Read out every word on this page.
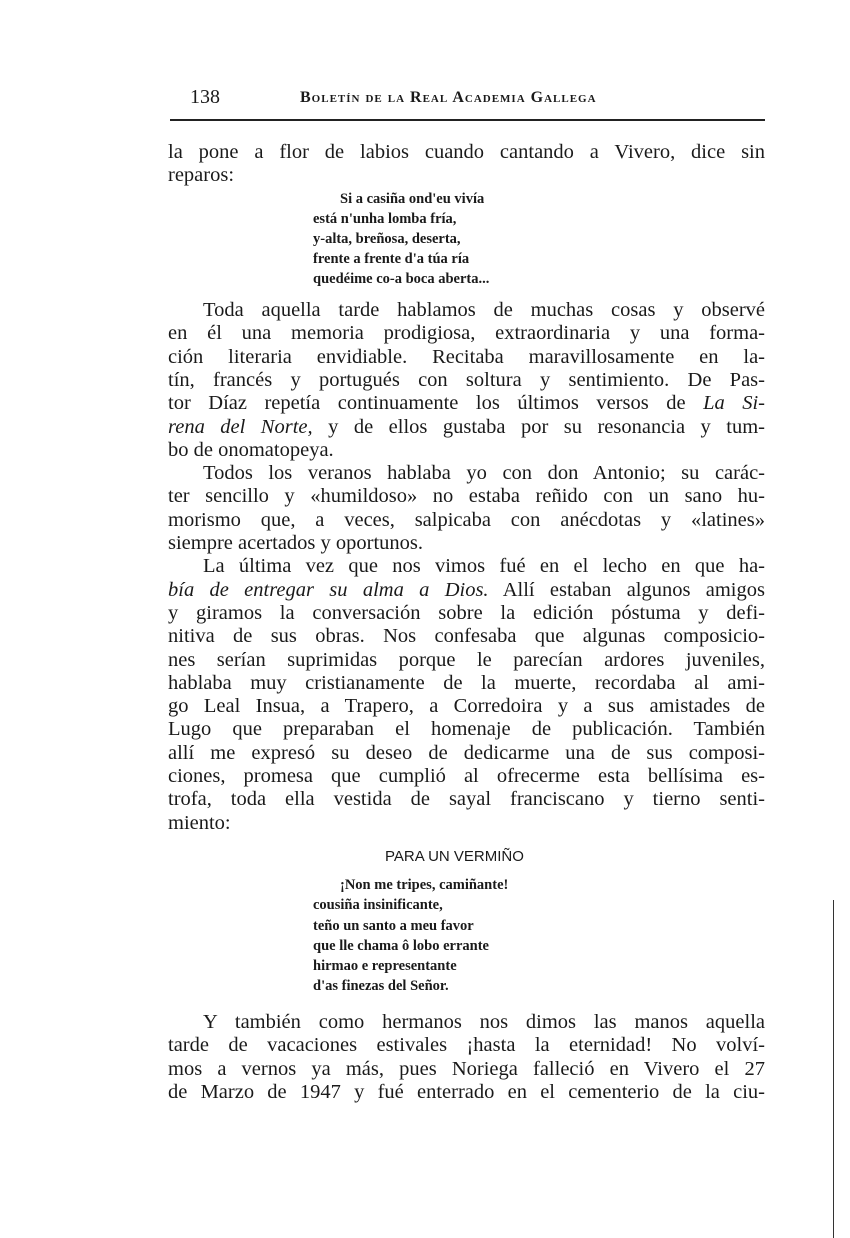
138	Boletín de la Real Academia Gallega
la pone a flor de labios cuando cantando a Vivero, dice sin
reparos:
Si a casiña ond'eu vivía
está n'unha lomba fría,
y-alta, breñosa, deserta,
frente a frente d'a túa ría
quedéime co-a boca aberta...
Toda aquella tarde hablamos de muchas cosas y observé
en él una memoria prodigiosa, extraordinaria y una forma-
ción literaria envidiable. Recitaba maravillosamente en la-
tín, francés y portugués con soltura y sentimiento. De Pas-
tor Díaz repetía continuamente los últimos versos de La Si-
rena del Norte, y de ellos gustaba por su resonancia y tum-
bo de onomatopeya.
Todos los veranos hablaba yo con don Antonio; su carác-
ter sencillo y «humildoso» no estaba reñido con un sano hu-
morismo que, a veces, salpicaba con anécdotas y «latines»
siempre acertados y oportunos.
La última vez que nos vimos fué en el lecho en que ha-
bía de entregar su alma a Dios. Allí estaban algunos amigos
y giramos la conversación sobre la edición póstuma y defi-
nitiva de sus obras. Nos confesaba que algunas composicio-
nes serían suprimidas porque le parecían ardores juveniles,
hablaba muy cristianamente de la muerte, recordaba al ami-
go Leal Insua, a Trapero, a Corredoira y a sus amistades de
Lugo que preparaban el homenaje de publicación. También
allí me expresó su deseo de dedicarme una de sus composi-
ciones, promesa que cumplió al ofrecerme esta bellísima es-
trofa, toda ella vestida de sayal franciscano y tierno senti-
miento:
¡Non me tripes, camiñante!
cousiña insinificante,
teño un santo a meu favor
que lle chama ô lobo errante
hirmao e representante
d'as finezas del Señor.
Y también como hermanos nos dimos las manos aquella
tarde de vacaciones estivales ¡hasta la eternidad! No volví-
mos a vernos ya más, pues Noriega falleció en Vivero el 27
de Marzo de 1947 y fué enterrado en el cementerio de la ciu-
PARA UN VERMIÑO
